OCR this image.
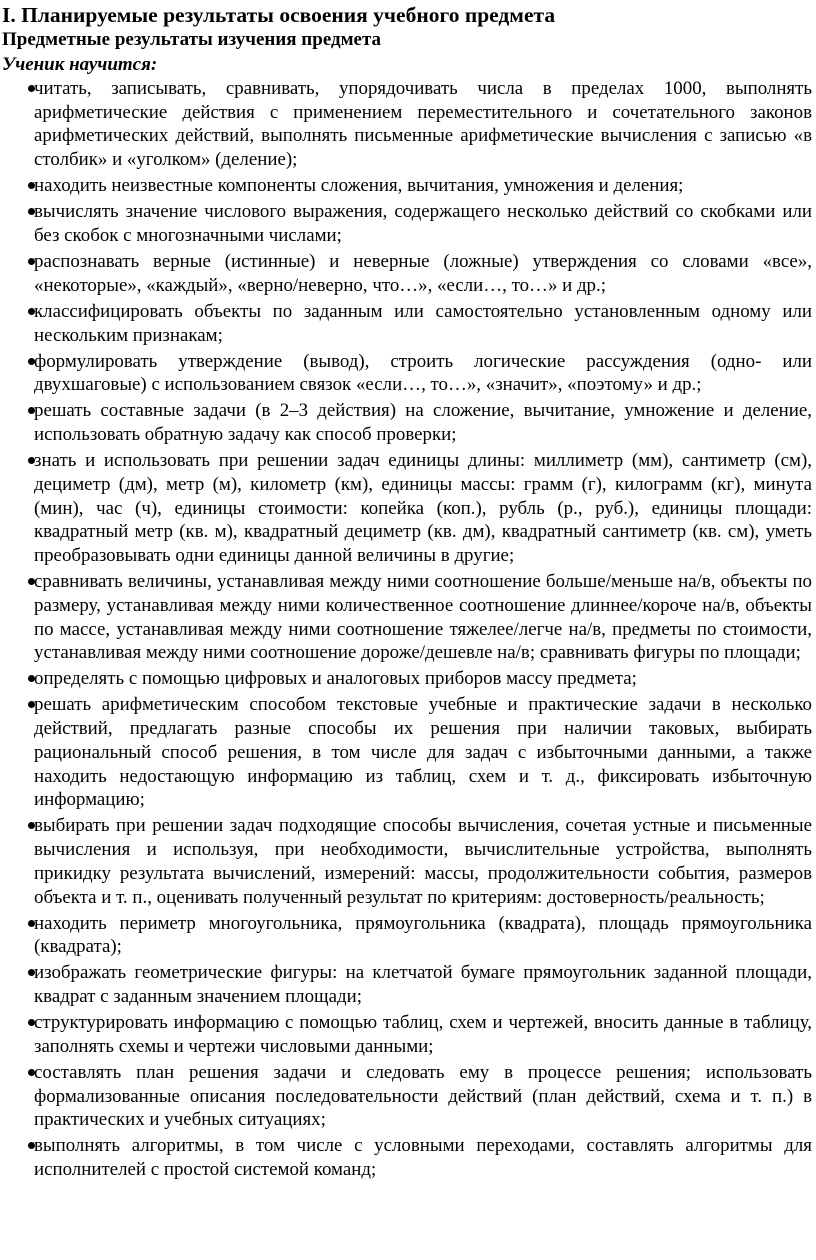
I. Планируемые результаты освоения учебного предмета
Предметные результаты изучения предмета
Ученик научится:
читать, записывать, сравнивать, упорядочивать числа в пределах 1000, выполнять арифметические действия с применением переместительного и сочетательного законов арифметических действий, выполнять письменные арифметические вычисления с записью «в столбик» и «уголком» (деление);
находить неизвестные компоненты сложения, вычитания, умножения и деления;
вычислять значение числового выражения, содержащего несколько действий со скобками или без скобок с многозначными числами;
распознавать верные (истинные) и неверные (ложные) утверждения со словами «все», «некоторые», «каждый», «верно/неверно, что…», «если…, то…» и др.;
классифицировать объекты по заданным или самостоятельно установленным одному или нескольким признакам;
формулировать утверждение (вывод), строить логические рассуждения (одно- или двухшаговые) с использованием связок «если…, то…», «значит», «поэтому» и др.;
решать составные задачи (в 2–3 действия) на сложение, вычитание, умножение и деление, использовать обратную задачу как способ проверки;
знать и использовать при решении задач единицы длины: миллиметр (мм), сантиметр (см), дециметр (дм), метр (м), километр (км), единицы массы: грамм (г), килограмм (кг), минута (мин), час (ч), единицы стоимости: копейка (коп.), рубль (р., руб.), единицы площади: квадратный метр (кв. м), квадратный дециметр (кв. дм), квадратный сантиметр (кв. см), уметь преобразовывать одни единицы данной величины в другие;
сравнивать величины, устанавливая между ними соотношение больше/меньше на/в, объекты по размеру, устанавливая между ними количественное соотношение длиннее/короче на/в, объекты по массе, устанавливая между ними соотношение тяжелее/легче на/в, предметы по стоимости, устанавливая между ними соотношение дороже/дешевле на/в; сравнивать фигуры по площади;
определять с помощью цифровых и аналоговых приборов массу предмета;
решать арифметическим способом текстовые учебные и практические задачи в несколько действий, предлагать разные способы их решения при наличии таковых, выбирать рациональный способ решения, в том числе для задач с избыточными данными, а также находить недостающую информацию из таблиц, схем и т. д., фиксировать избыточную информацию;
выбирать при решении задач подходящие способы вычисления, сочетая устные и письменные вычисления и используя, при необходимости, вычислительные устройства, выполнять прикидку результата вычислений, измерений: массы, продолжительности события, размеров объекта и т. п., оценивать полученный результат по критериям: достоверность/реальность;
находить периметр многоугольника, прямоугольника (квадрата), площадь прямоугольника (квадрата);
изображать геометрические фигуры: на клетчатой бумаге прямоугольник заданной площади, квадрат с заданным значением площади;
структурировать информацию с помощью таблиц, схем и чертежей, вносить данные в таблицу, заполнять схемы и чертежи числовыми данными;
составлять план решения задачи и следовать ему в процессе решения; использовать формализованные описания последовательности действий (план действий, схема и т. п.) в практических и учебных ситуациях;
выполнять алгоритмы, в том числе с условными переходами, составлять алгоритмы для исполнителей с простой системой команд;
